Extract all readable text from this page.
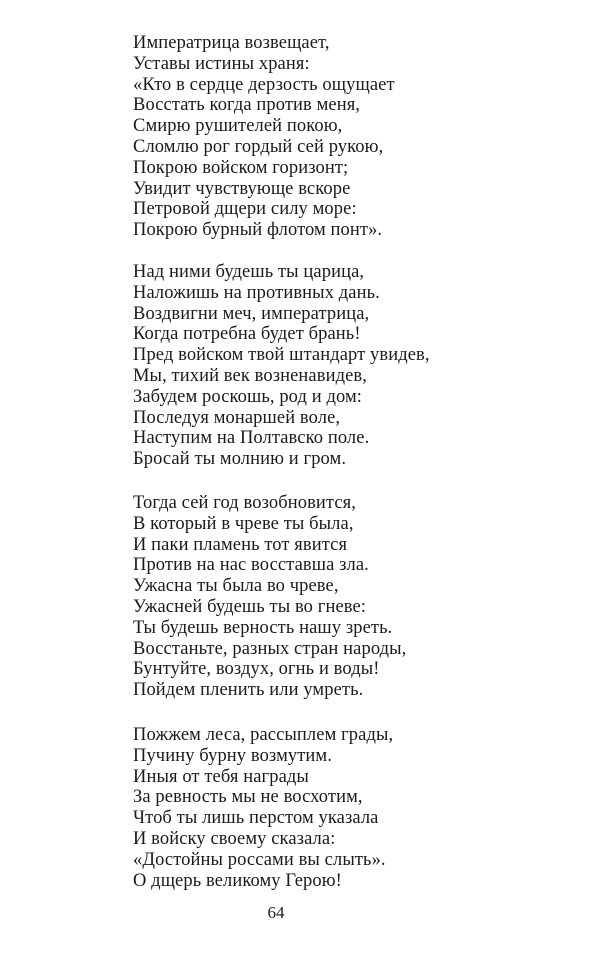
Императрица возвещает,
Уставы истины храня:
«Кто в сердце дерзость ощущает
Восстать когда против меня,
Смирю рушителей покою,
Сломлю рог гордый сей рукою,
Покрою войском горизонт;
Увидит чувствующе вскоре
Петровой дщери силу море:
Покрою бурный флотом понт».
Над ними будешь ты царица,
Наложишь на противных дань.
Воздвигни меч, императрица,
Когда потребна будет брань!
Пред войском твой штандарт увидев,
Мы, тихий век возненавидев,
Забудем роскошь, род и дом:
Последуя монаршей воле,
Наступим на Полтавско поле.
Бросай ты молнию и гром.
Тогда сей год возобновится,
В который в чреве ты была,
И паки пламень тот явится
Против на нас восставша зла.
Ужасна ты была во чреве,
Ужасней будешь ты во гневе:
Ты будешь верность нашу зреть.
Восстаньте, разных стран народы,
Бунтуйте, воздух, огнь и воды!
Пойдем пленить или умреть.
Пожжем леса, рассыплем грады,
Пучину бурну возмутим.
Иныя от тебя награды
За ревность мы не восхотим,
Чтоб ты лишь перстом указала
И войску своему сказала:
«Достойны россами вы слыть».
О дщерь великому Герою!
64
